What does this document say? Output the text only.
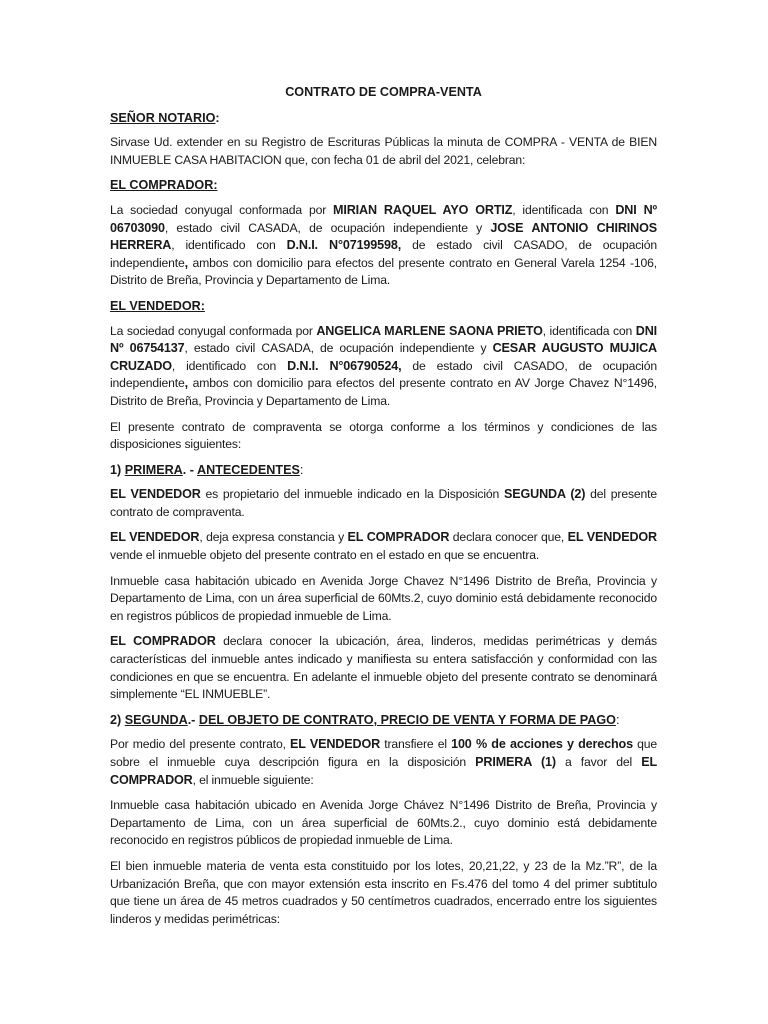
CONTRATO DE COMPRA-VENTA
SEÑOR NOTARIO:

Sirvase Ud. extender en su Registro de Escrituras Públicas la minuta de COMPRA - VENTA de BIEN INMUEBLE CASA HABITACION que, con fecha 01 de abril del 2021, celebran:

EL COMPRADOR:

La sociedad conyugal conformada por MIRIAN RAQUEL AYO ORTIZ, identificada con DNI Nº 06703090, estado civil CASADA, de ocupación independiente y JOSE ANTONIO CHIRINOS HERRERA, identificado con D.N.I. N°07199598, de estado civil CASADO, de ocupación independiente, ambos con domicilio para efectos del presente contrato en General Varela 1254 -106, Distrito de Breña, Provincia y Departamento de Lima.

EL VENDEDOR:

La sociedad conyugal conformada por ANGELICA MARLENE SAONA PRIETO, identificada con DNI Nº 06754137, estado civil CASADA, de ocupación independiente y CESAR AUGUSTO MUJICA CRUZADO, identificado con D.N.I. N°06790524, de estado civil CASADO, de ocupación independiente, ambos con domicilio para efectos del presente contrato en AV Jorge Chavez N°1496, Distrito de Breña, Provincia y Departamento de Lima.

El presente contrato de compraventa se otorga conforme a los términos y condiciones de las disposiciones siguientes:

1) PRIMERA. - ANTECEDENTES:

EL VENDEDOR es propietario del inmueble indicado en la Disposición SEGUNDA (2) del presente contrato de compraventa.

EL VENDEDOR, deja expresa constancia y EL COMPRADOR declara conocer que, EL VENDEDOR vende el inmueble objeto del presente contrato en el estado en que se encuentra.

Inmueble casa habitación ubicado en Avenida Jorge Chavez N°1496 Distrito de Breña, Provincia y Departamento de Lima, con un área superficial de 60Mts.2, cuyo dominio está debidamente reconocido en registros públicos de propiedad inmueble de Lima.

EL COMPRADOR declara conocer la ubicación, área, linderos, medidas perimétricas y demás características del inmueble antes indicado y manifiesta su entera satisfacción y conformidad con las condiciones en que se encuentra. En adelante el inmueble objeto del presente contrato se denominará simplemente “EL INMUEBLE”.

2) SEGUNDA.- DEL OBJETO DE CONTRATO, PRECIO DE VENTA Y FORMA DE PAGO:

Por medio del presente contrato, EL VENDEDOR transfiere el 100 % de acciones y derechos que sobre el inmueble cuya descripción figura en la disposición PRIMERA (1) a favor del EL COMPRADOR, el inmueble siguiente:

Inmueble casa habitación ubicado en Avenida Jorge Chávez N°1496 Distrito de Breña, Provincia y Departamento de Lima, con un área superficial de 60Mts.2., cuyo dominio está debidamente reconocido en registros públicos de propiedad inmueble de Lima.

El bien inmueble materia de venta esta constituido por los lotes, 20,21,22, y 23 de la Mz.”R”, de la Urbanización Breña, que con mayor extensión esta inscrito en Fs.476 del tomo 4 del primer subtitulo que tiene un área de 45 metros cuadrados y 50 centímetros cuadrados, encerrado entre los siguientes linderos y medidas perimétricas:
